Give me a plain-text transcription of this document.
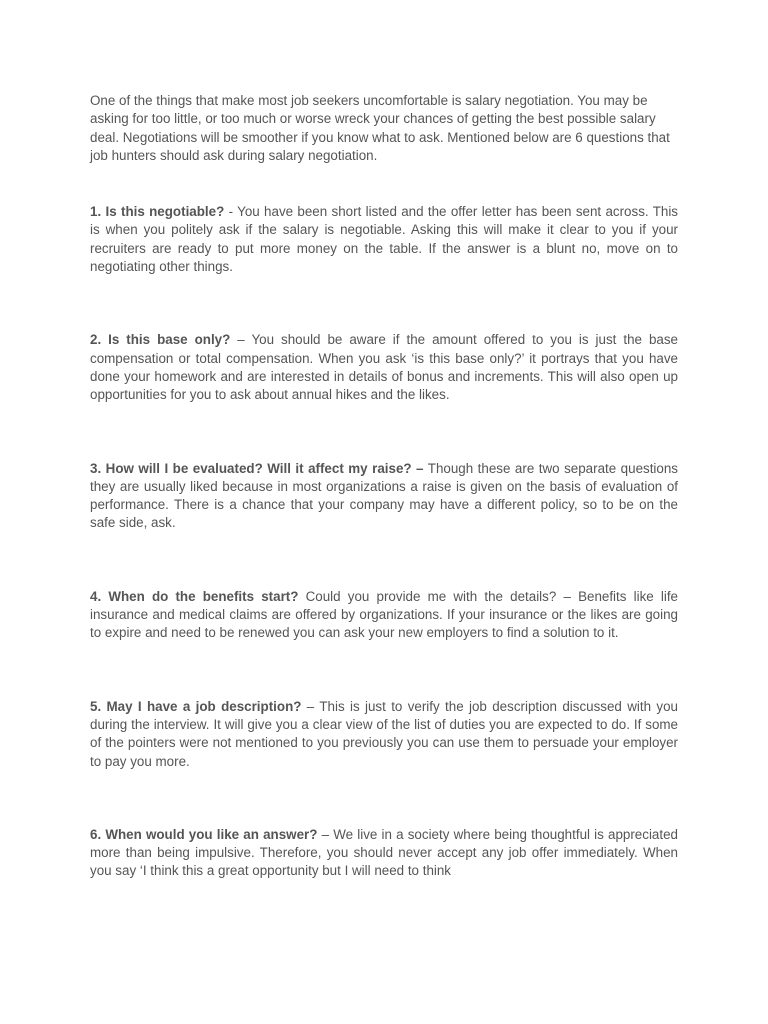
One of the things that make most job seekers uncomfortable is salary negotiation. You may be asking for too little, or too much or worse wreck your chances of getting the best possible salary deal. Negotiations will be smoother if you know what to ask. Mentioned below are 6 questions that job hunters should ask during salary negotiation.

1. Is this negotiable? - You have been short listed and the offer letter has been sent across. This is when you politely ask if the salary is negotiable. Asking this will make it clear to you if your recruiters are ready to put more money on the table. If the answer is a blunt no, move on to negotiating other things.

2. Is this base only? – You should be aware if the amount offered to you is just the base compensation or total compensation. When you ask ‘is this base only?’ it portrays that you have done your homework and are interested in details of bonus and increments. This will also open up opportunities for you to ask about annual hikes and the likes.

3. How will I be evaluated? Will it affect my raise? – Though these are two separate questions they are usually liked because in most organizations a raise is given on the basis of evaluation of performance. There is a chance that your company may have a different policy, so to be on the safe side, ask.

4. When do the benefits start? Could you provide me with the details? – Benefits like life insurance and medical claims are offered by organizations. If your insurance or the likes are going to expire and need to be renewed you can ask your new employers to find a solution to it.

5. May I have a job description? – This is just to verify the job description discussed with you during the interview. It will give you a clear view of the list of duties you are expected to do. If some of the pointers were not mentioned to you previously you can use them to persuade your employer to pay you more.

6. When would you like an answer? – We live in a society where being thoughtful is appreciated more than being impulsive. Therefore, you should never accept any job offer immediately. When you say ‘I think this a great opportunity but I will need to think
